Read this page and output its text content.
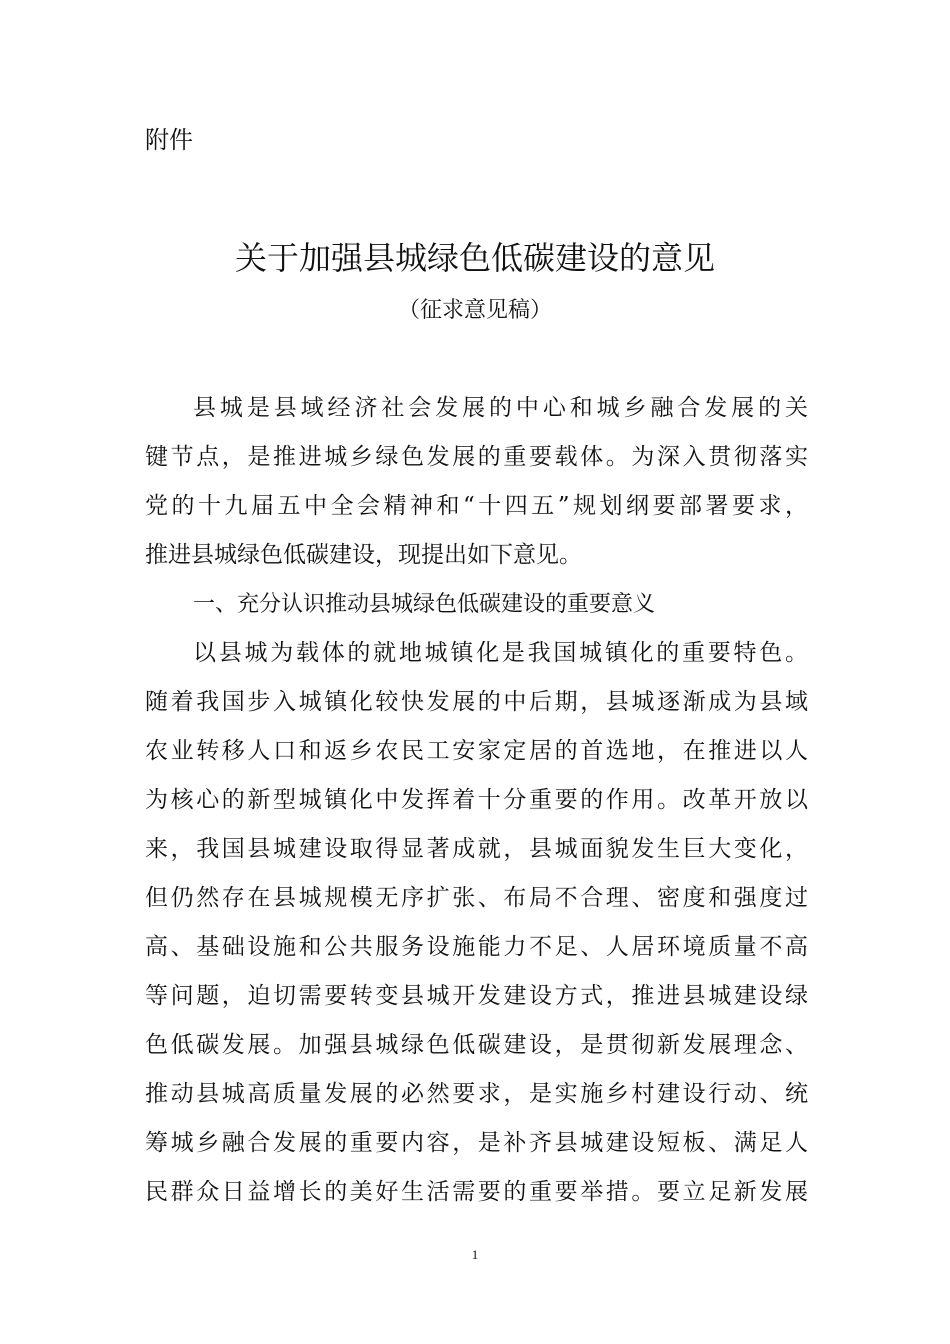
附件

关于加强县城绿色低碳建设的意见

（征求意见稿）

县城是县域经济社会发展的中心和城乡融合发展的关
键节点，是推进城乡绿色发展的重要载体。为深入贯彻落实
党的十九届五中全会精神和“十四五”规划纲要部署要求，
推进县城绿色低碳建设，现提出如下意见。
一、充分认识推动县城绿色低碳建设的重要意义
以县城为载体的就地城镇化是我国城镇化的重要特色。
随着我国步入城镇化较快发展的中后期，县城逐渐成为县域
农业转移人口和返乡农民工安家定居的首选地，在推进以人
为核心的新型城镇化中发挥着十分重要的作用。改革开放以
来，我国县城建设取得显著成就，县城面貌发生巨大变化，
但仍然存在县城规模无序扩张、布局不合理、密度和强度过
高、基础设施和公共服务设施能力不足、人居环境质量不高
等问题，迫切需要转变县城开发建设方式，推进县城建设绿
色低碳发展。加强县城绿色低碳建设，是贯彻新发展理念、
推动县城高质量发展的必然要求，是实施乡村建设行动、统
筹城乡融合发展的重要内容，是补齐县城建设短板、满足人
民群众日益增长的美好生活需要的重要举措。要立足新发展
1
